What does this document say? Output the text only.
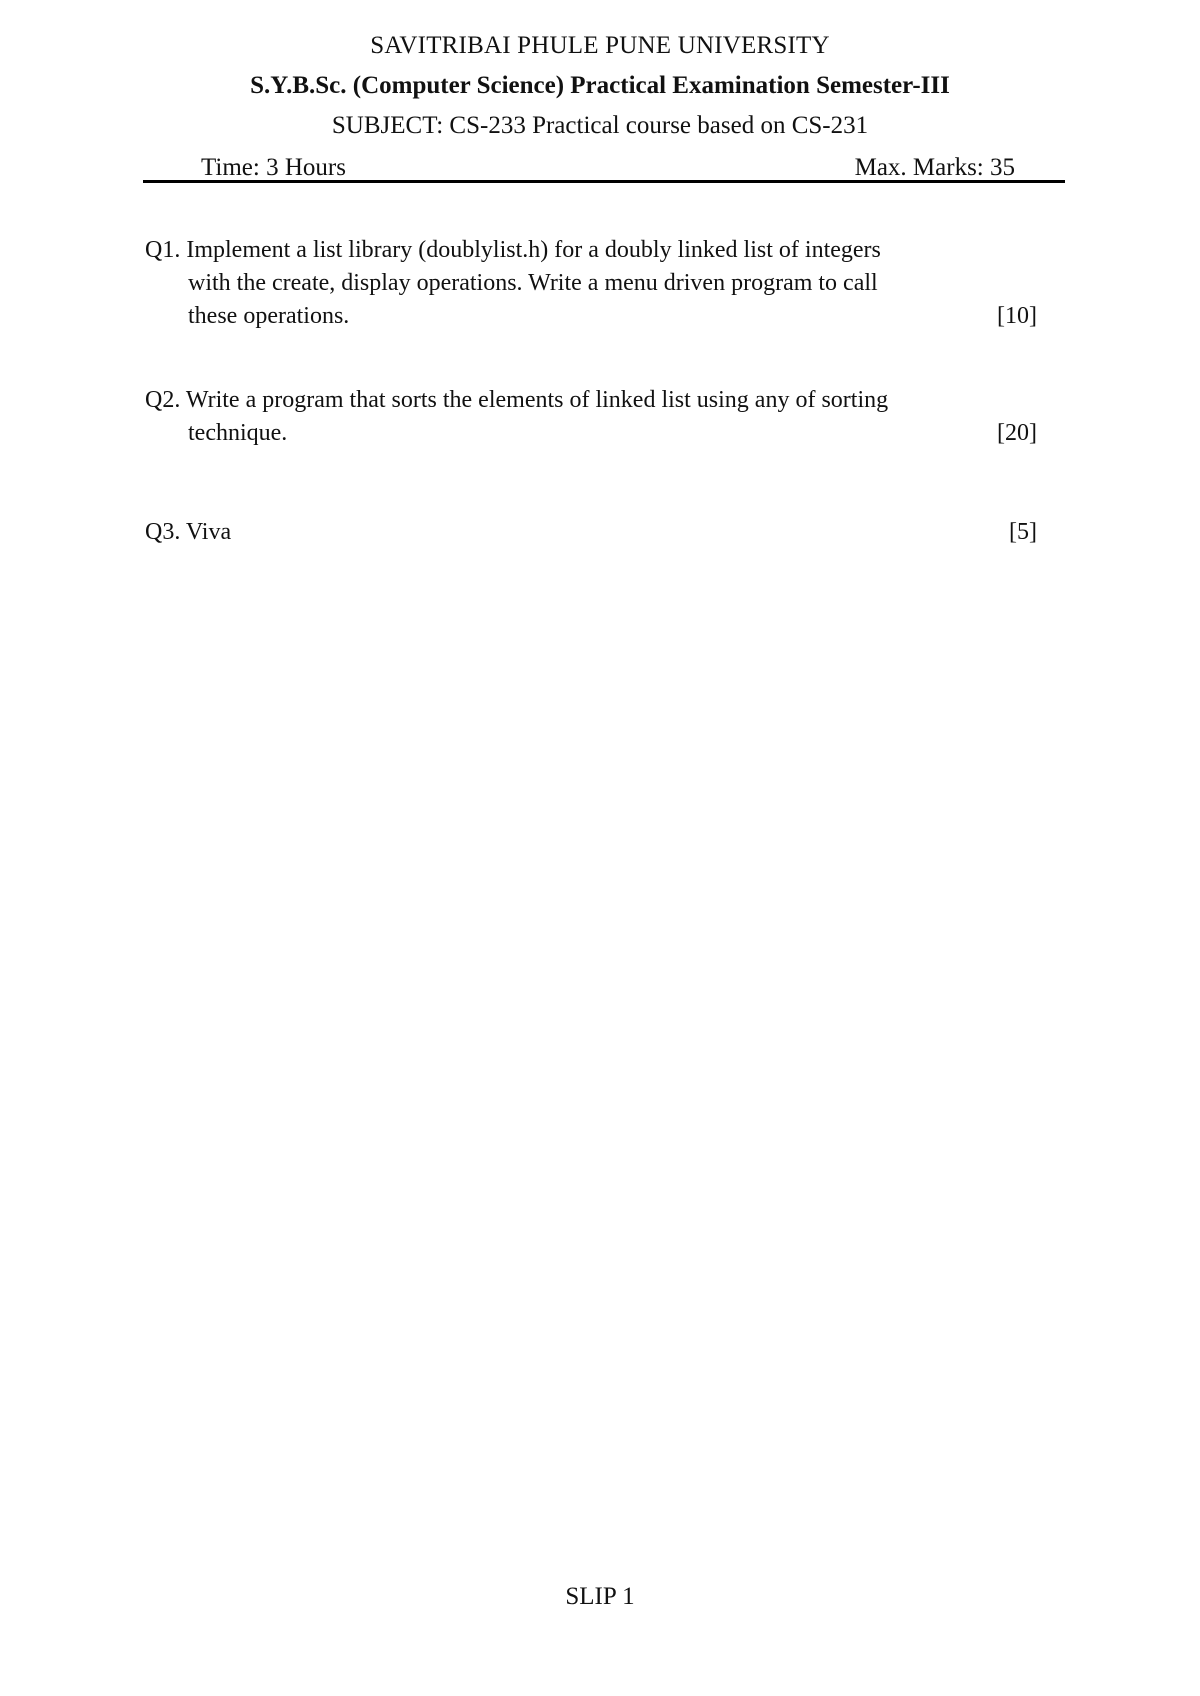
SAVITRIBAI PHULE PUNE UNIVERSITY
S.Y.B.Sc. (Computer Science) Practical Examination Semester-III
SUBJECT: CS-233 Practical course based on CS-231
Time: 3 Hours	Max. Marks: 35
Q1. Implement a list library (doublylist.h) for a doubly linked list of integers
with the create, display operations. Write a menu driven program to call
these operations.	[10]
Q2. Write a program that sorts the elements of linked list using any of sorting
technique.	[20]
Q3. Viva	[5]
SLIP 1
